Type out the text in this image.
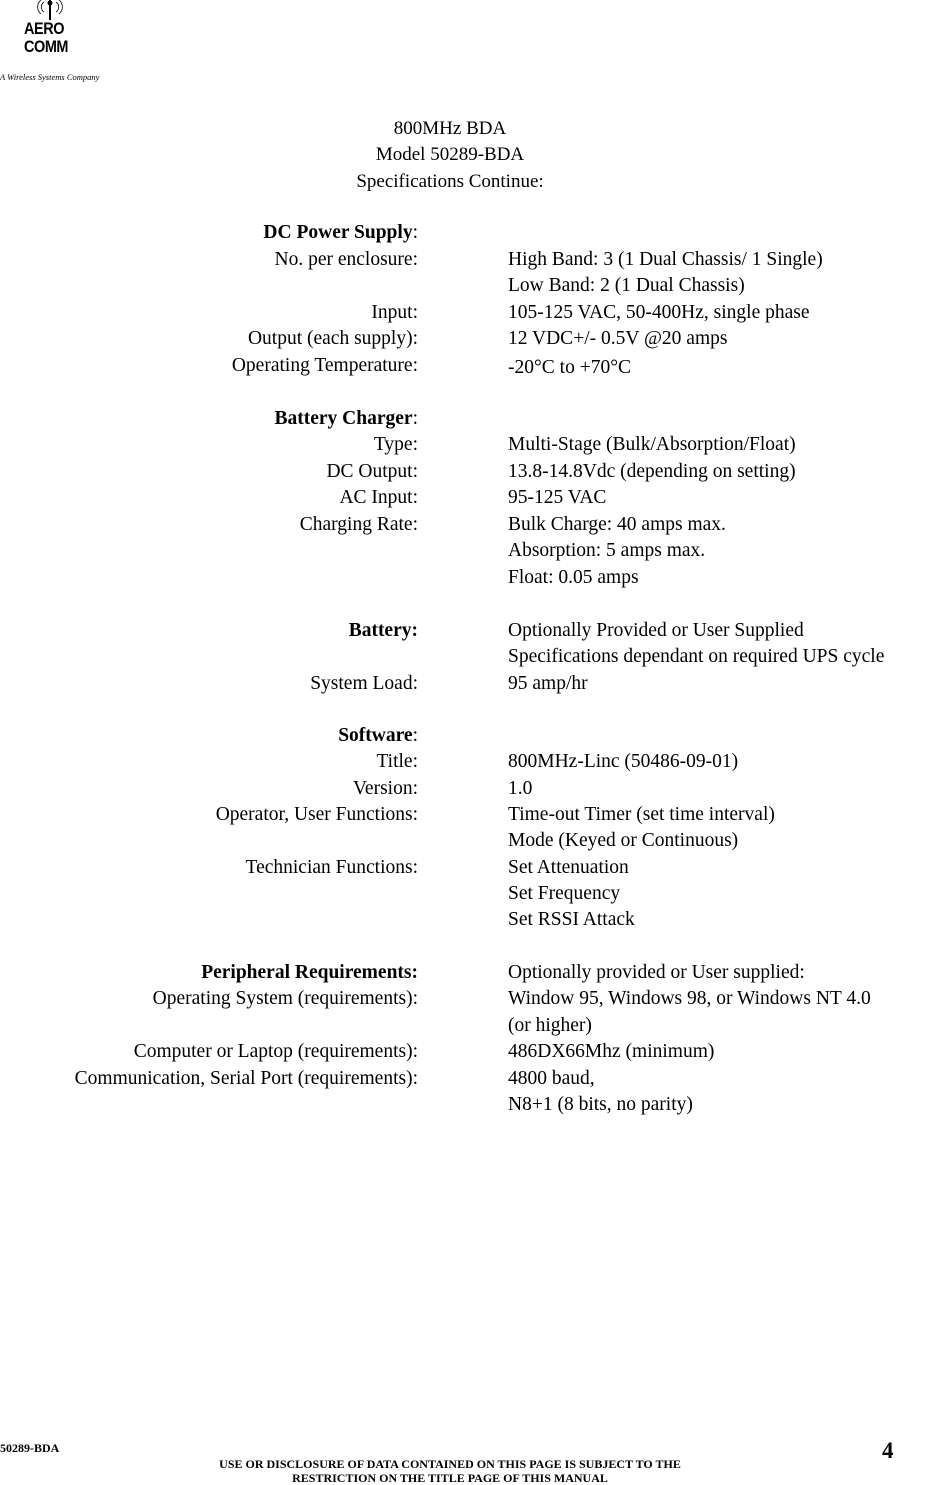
AERO
COMM
A Wireless Systems Company
800MHz BDA
Model 50289-BDA
Specifications Continue:
DC Power Supply:
No. per enclosure:	High Band: 3 (1 Dual Chassis/ 1 Single)
Low Band: 2 (1 Dual Chassis)
Input:	105-125 VAC, 50-400Hz, single phase
Output (each supply):	12 VDC+/- 0.5V @20 amps
Operating Temperature:	-20°C to +70°C
Battery Charger:
Type:	Multi-Stage (Bulk/Absorption/Float)
DC Output:	13.8-14.8Vdc (depending on setting)
AC Input:	95-125 VAC
Charging Rate:	Bulk Charge: 40 amps max.
Absorption: 5 amps max.
Float: 0.05 amps
Battery:	Optionally Provided or User Supplied
Specifications dependant on required UPS cycle
System Load:	95 amp/hr
Software:
Title:	800MHz-Linc (50486-09-01)
Version:	1.0
Operator, User Functions:	Time-out Timer (set time interval)
Mode (Keyed or Continuous)
Technician Functions:	Set Attenuation
Set Frequency
Set RSSI Attack
Peripheral Requirements:	Optionally provided or User supplied:
Operating System (requirements):	Window 95, Windows 98, or Windows NT 4.0
(or higher)
Computer or Laptop (requirements):	486DX66Mhz (minimum)
Communication, Serial Port (requirements):	4800 baud,
N8+1 (8 bits, no parity)
50289-BDA
USE OR DISCLOSURE OF DATA CONTAINED ON THIS PAGE IS SUBJECT TO THE
RESTRICTION ON THE TITLE PAGE OF THIS MANUAL
4
